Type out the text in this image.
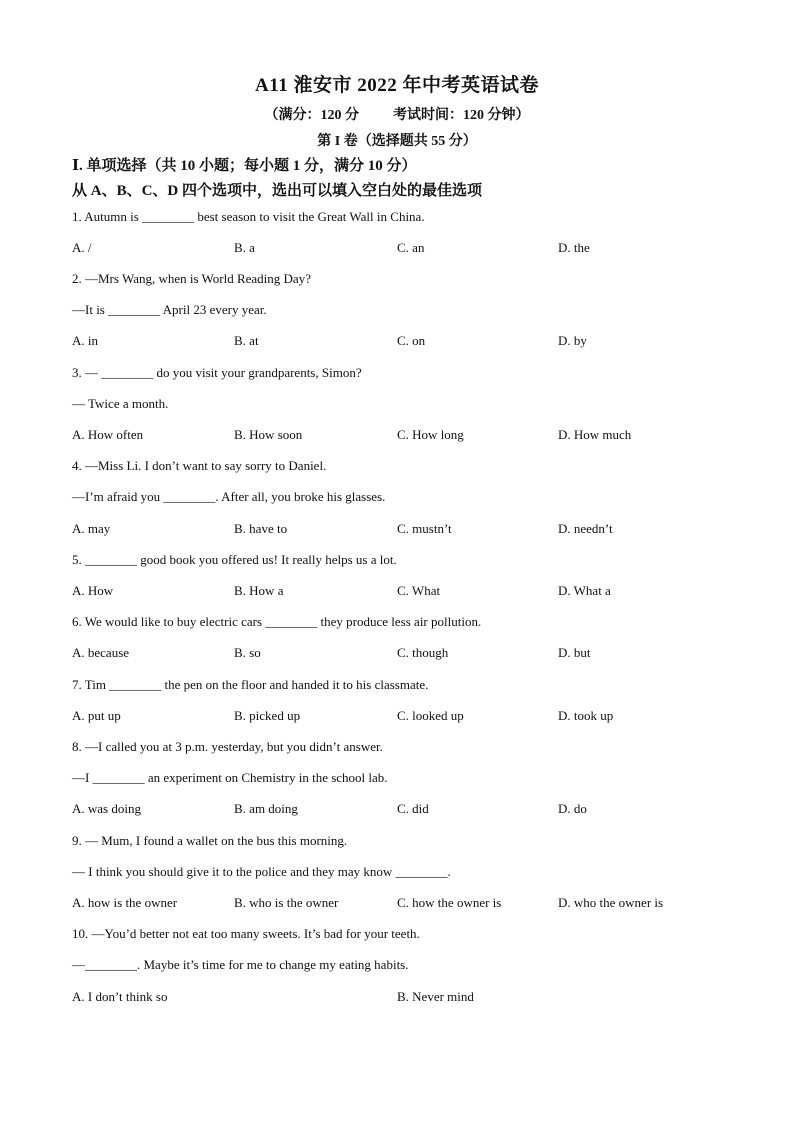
A11 淮安市 2022 年中考英语试卷
（满分：120 分 考试时间：120 分钟）
第 I 卷（选择题共 55 分）
Ⅰ. 单项选择（共 10 小题；每小题 1 分，满分 10 分）
从 A、B、C、D 四个选项中，选出可以填入空白处的最佳选项
1. Autumn is ________ best season to visit the Great Wall in China.
A. /	B. a	C. an	D. the
2. —Mrs Wang, when is World Reading Day?
—It is ________ April 23 every year.
A. in	B. at	C. on	D. by
3. — ________ do you visit your grandparents, Simon?
— Twice a month.
A. How often	B. How soon	C. How long	D. How much
4. —Miss Li. I don’t want to say sorry to Daniel.
—I’m afraid you ________. After all, you broke his glasses.
A. may	B. have to	C. mustn’t	D. needn’t
5. ________ good book you offered us! It really helps us a lot.
A. How	B. How a	C. What	D. What a
6. We would like to buy electric cars ________ they produce less air pollution.
A. because	B. so	C. though	D. but
7. Tim ________ the pen on the floor and handed it to his classmate.
A. put up	B. picked up	C. looked up	D. took up
8. —I called you at 3 p.m. yesterday, but you didn’t answer.
—I ________ an experiment on Chemistry in the school lab.
A. was doing	B. am doing	C. did	D. do
9. — Mum, I found a wallet on the bus this morning.
— I think you should give it to the police and they may know ________.
A. how is the owner	B. who is the owner	C. how the owner is	D. who the owner is
10. —You’d better not eat too many sweets. It’s bad for your teeth.
—________. Maybe it’s time for me to change my eating habits.
A. I don’t think so	B. Never mind
